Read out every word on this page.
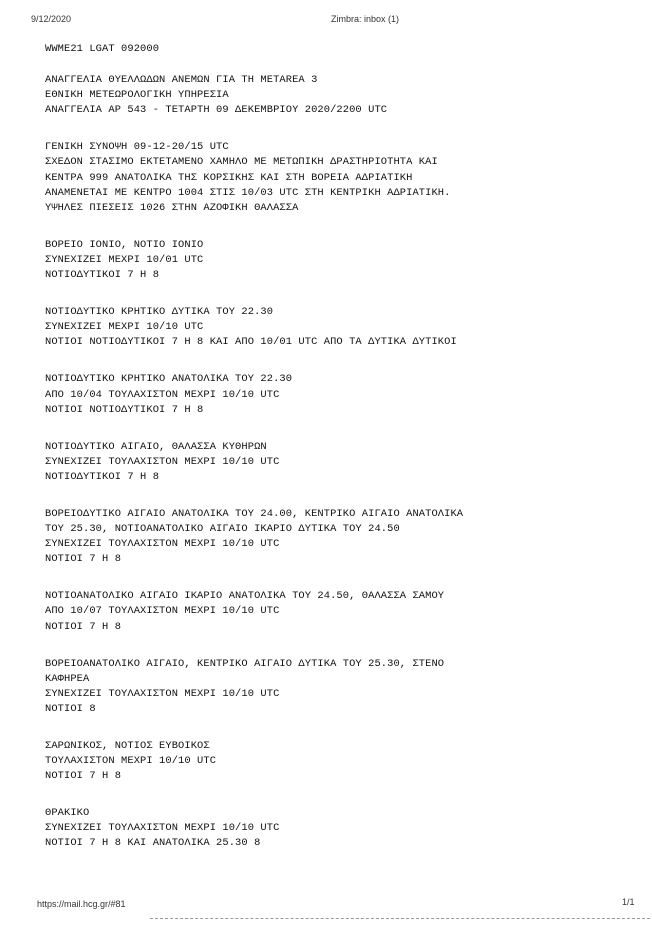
9/12/2020	Zimbra: inbox (1)
WWME21 LGAT 092000
ΑΝΑΓΓΕΛΙΑ ΘΥΕΛΛΩΔΩΝ ΑΝΕΜΩΝ ΓΙΑ ΤΗ METAREA 3
ΕΘΝΙΚΗ ΜΕΤΕΩΡΟΛΟΓΙΚΗ ΥΠΗΡΕΣΙΑ
ΑΝΑΓΓΕΛΙΑ ΑΡ 543 - ΤΕΤΑΡΤΗ 09 ΔΕΚΕΜΒΡΙΟΥ 2020/2200 UTC
ΓΕΝΙΚΗ ΣΥΝΟΨΗ 09-12-20/15 UTC
ΣΧΕΔΟΝ ΣΤΑΣΙΜΟ ΕΚΤΕΤΑΜΕΝΟ ΧΑΜΗΛΟ ΜΕ ΜΕΤΩΠΙΚΗ ΔΡΑΣΤΗΡΙΟΤΗΤΑ ΚΑΙ
ΚΕΝΤΡΑ 999 ΑΝΑΤΟΛΙΚΑ ΤΗΣ ΚΟΡΣΙΚΗΣ ΚΑΙ ΣΤΗ ΒΟΡΕΙΑ ΑΔΡΙΑΤΙΚΗ
ΑΝΑΜΕΝΕΤΑΙ ΜΕ ΚΕΝΤΡΟ 1004 ΣΤΙΣ 10/03 UTC ΣΤΗ ΚΕΝΤΡΙΚΗ ΑΔΡΙΑΤΙΚΗ.
ΥΨΗΛΕΣ ΠΙΕΣΕΙΣ 1026 ΣΤΗΝ ΑΖΟΦΙΚΗ ΘΑΛΑΣΣΑ
ΒΟΡΕΙΟ ΙΟΝΙΟ, ΝΟΤΙΟ ΙΟΝΙΟ
ΣΥΝΕΧΙΖΕΙ ΜΕΧΡΙ 10/01 UTC
ΝΟΤΙΟΔΥΤΙΚΟΙ 7 Η 8
ΝΟΤΙΟΔΥΤΙΚΟ ΚΡΗΤΙΚΟ ΔΥΤΙΚΑ ΤΟΥ 22.30
ΣΥΝΕΧΙΖΕΙ ΜΕΧΡΙ 10/10 UTC
ΝΟΤΙΟΙ ΝΟΤΙΟΔΥΤΙΚΟΙ 7 Η 8 ΚΑΙ ΑΠΟ 10/01 UTC ΑΠΟ ΤΑ ΔΥΤΙΚΑ ΔΥΤΙΚΟΙ
ΝΟΤΙΟΔΥΤΙΚΟ ΚΡΗΤΙΚΟ ΑΝΑΤΟΛΙΚΑ ΤΟΥ 22.30
ΑΠΟ 10/04 ΤΟΥΛΑΧΙΣΤΟΝ ΜΕΧΡΙ 10/10 UTC
ΝΟΤΙΟΙ ΝΟΤΙΟΔΥΤΙΚΟΙ 7 Η 8
ΝΟΤΙΟΔΥΤΙΚΟ ΑΙΓΑΙΟ, ΘΑΛΑΣΣΑ ΚΥΘΗΡΩΝ
ΣΥΝΕΧΙΖΕΙ ΤΟΥΛΑΧΙΣΤΟΝ ΜΕΧΡΙ 10/10 UTC
ΝΟΤΙΟΔΥΤΙΚΟΙ 7 Η 8
ΒΟΡΕΙΟΔΥΤΙΚΟ ΑΙΓΑΙΟ ΑΝΑΤΟΛΙΚΑ ΤΟΥ 24.00, ΚΕΝΤΡΙΚΟ ΑΙΓΑΙΟ ΑΝΑΤΟΛΙΚΑ
ΤΟΥ 25.30, ΝΟΤΙΟΑΝΑΤΟΛΙΚΟ ΑΙΓΑΙΟ ΙΚΑΡΙΟ ΔΥΤΙΚΑ ΤΟΥ 24.50
ΣΥΝΕΧΙΖΕΙ ΤΟΥΛΑΧΙΣΤΟΝ ΜΕΧΡΙ 10/10 UTC
ΝΟΤΙΟΙ 7 Η 8
ΝΟΤΙΟΑΝΑΤΟΛΙΚΟ ΑΙΓΑΙΟ ΙΚΑΡΙΟ ΑΝΑΤΟΛΙΚΑ ΤΟΥ 24.50, ΘΑΛΑΣΣΑ ΣΑΜΟΥ
ΑΠΟ 10/07 ΤΟΥΛΑΧΙΣΤΟΝ ΜΕΧΡΙ 10/10 UTC
ΝΟΤΙΟΙ 7 Η 8
ΒΟΡΕΙΟΑΝΑΤΟΛΙΚΟ ΑΙΓΑΙΟ, ΚΕΝΤΡΙΚΟ ΑΙΓΑΙΟ ΔΥΤΙΚΑ ΤΟΥ 25.30, ΣΤΕΝΟ
ΚΑΦΗΡΕΑ
ΣΥΝΕΧΙΖΕΙ ΤΟΥΛΑΧΙΣΤΟΝ ΜΕΧΡΙ 10/10 UTC
ΝΟΤΙΟΙ 8
ΣΑΡΩΝΙΚΟΣ, ΝΟΤΙΟΣ ΕΥΒΟΙΚΟΣ
ΤΟΥΛΑΧΙΣΤΟΝ ΜΕΧΡΙ 10/10 UTC
ΝΟΤΙΟΙ 7 Η 8
ΘΡΑΚΙΚΟ
ΣΥΝΕΧΙΖΕΙ ΤΟΥΛΑΧΙΣΤΟΝ ΜΕΧΡΙ 10/10 UTC
ΝΟΤΙΟΙ 7 Η 8 ΚΑΙ ΑΝΑΤΟΛΙΚΑ 25.30 8
https://mail.hcg.gr/#81	1/1
